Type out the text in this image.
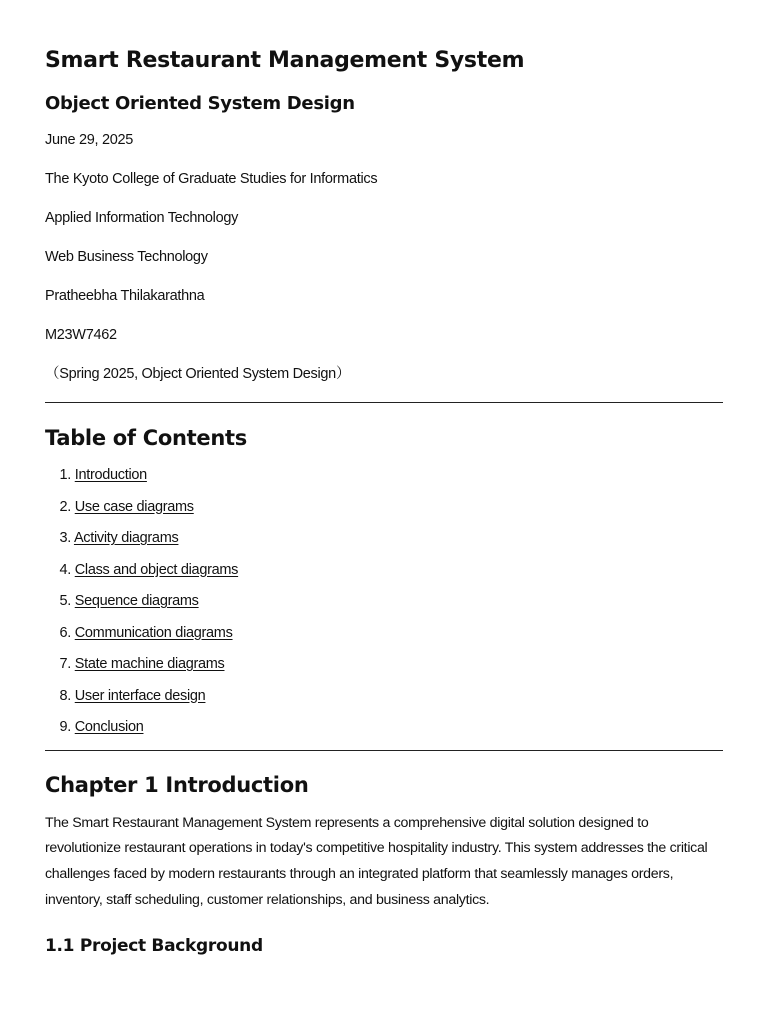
Smart Restaurant Management System
Object Oriented System Design

June 29, 2025

The Kyoto College of Graduate Studies for Informatics

Applied Information Technology

Web Business Technology

Pratheebha Thilakarathna

M23W7462

（Spring 2025, Object Oriented System Design）

Table of Contents
1. Introduction
2. Use case diagrams
3. Activity diagrams
4. Class and object diagrams
5. Sequence diagrams
6. Communication diagrams
7. State machine diagrams
8. User interface design
9. Conclusion
Chapter 1 Introduction

The Smart Restaurant Management System represents a comprehensive digital solution designed to revolutionize restaurant operations in today's competitive hospitality industry. This system addresses the critical challenges faced by modern restaurants through an integrated platform that seamlessly manages orders, inventory, staff scheduling, customer relationships, and business analytics.

1.1 Project Background
